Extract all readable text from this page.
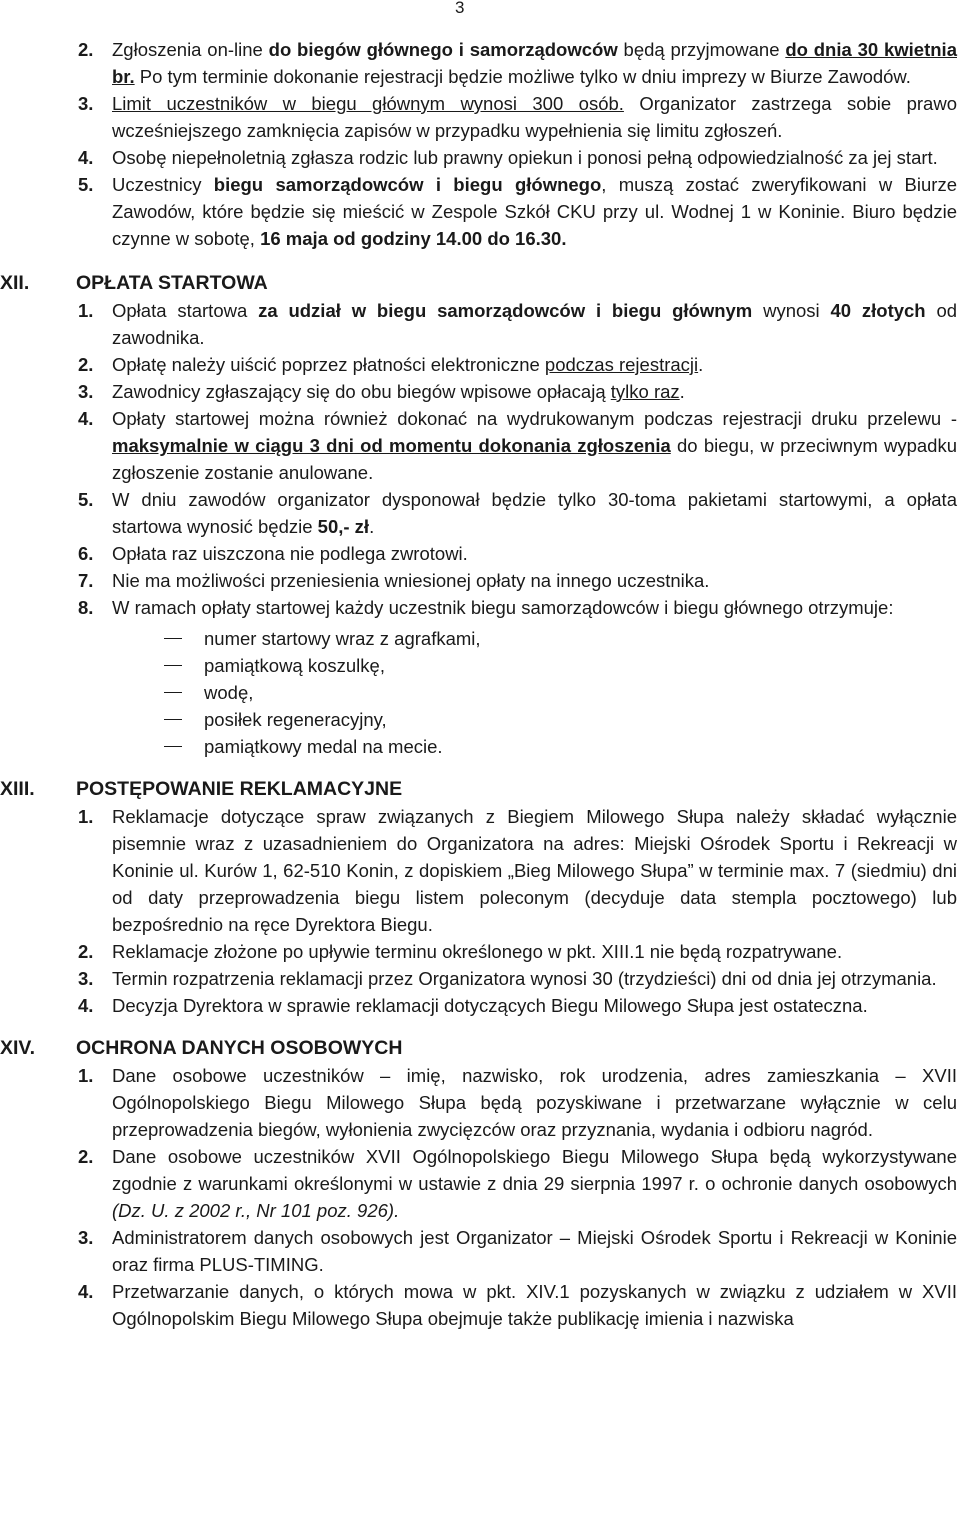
3
2. Zgłoszenia on-line do biegów głównego i samorządowców będą przyjmowane do dnia 30 kwietnia br. Po tym terminie dokonanie rejestracji będzie możliwe tylko w dniu imprezy w Biurze Zawodów.
3. Limit uczestników w biegu głównym wynosi 300 osób. Organizator zastrzega sobie prawo wcześniejszego zamknięcia zapisów w przypadku wypełnienia się limitu zgłoszeń.
4. Osobę niepełnoletnią zgłasza rodzic lub prawny opiekun i ponosi pełną odpowiedzialność za jej start.
5. Uczestnicy biegu samorządowców i biegu głównego, muszą zostać zweryfikowani w Biurze Zawodów, które będzie się mieścić w Zespole Szkół CKU przy ul. Wodnej 1 w Koninie. Biuro będzie czynne w sobotę, 16 maja od godziny 14.00 do 16.30.
XII.	OPŁATA STARTOWA
1. Opłata startowa za udział w biegu samorządowców i biegu głównym wynosi 40 złotych od zawodnika.
2. Opłatę należy uiścić poprzez płatności elektroniczne podczas rejestracji.
3. Zawodnicy zgłaszający się do obu biegów wpisowe opłacają tylko raz.
4. Opłaty startowej można również dokonać na wydrukowanym podczas rejestracji druku przelewu - maksymalnie w ciągu 3 dni od momentu dokonania zgłoszenia do biegu, w przeciwnym wypadku zgłoszenie zostanie anulowane.
5. W dniu zawodów organizator dysponował będzie tylko 30-toma pakietami startowymi, a opłata startowa wynosić będzie 50,- zł.
6. Opłata raz uiszczona nie podlega zwrotowi.
7. Nie ma możliwości przeniesienia wniesionej opłaty na innego uczestnika.
8. W ramach opłaty startowej każdy uczestnik biegu samorządowców i biegu głównego otrzymuje:
numer startowy wraz z agrafkami,
pamiątkową koszulkę,
wodę,
posiłek regeneracyjny,
pamiątkowy medal na mecie.
XIII.	POSTĘPOWANIE REKLAMACYJNE
1. Reklamacje dotyczące spraw związanych z Biegiem Milowego Słupa należy składać wyłącznie pisemnie wraz z uzasadnieniem do Organizatora na adres: Miejski Ośrodek Sportu i Rekreacji w Koninie ul. Kurów 1, 62-510 Konin, z dopiskiem „Bieg Milowego Słupa” w terminie max. 7 (siedmiu) dni od daty przeprowadzenia biegu listem poleconym (decyduje data stempla pocztowego) lub bezpośrednio na ręce Dyrektora Biegu.
2. Reklamacje złożone po upływie terminu określonego w pkt. XIII.1 nie będą rozpatrywane.
3. Termin rozpatrzenia reklamacji przez Organizatora wynosi 30 (trzydzieści) dni od dnia jej otrzymania.
4. Decyzja Dyrektora w sprawie reklamacji dotyczących Biegu Milowego Słupa jest ostateczna.
XIV.	OCHRONA DANYCH OSOBOWYCH
1. Dane osobowe uczestników – imię, nazwisko, rok urodzenia, adres zamieszkania – XVII Ogólnopolskiego Biegu Milowego Słupa będą pozyskiwane i przetwarzane wyłącznie w celu przeprowadzenia biegów, wyłonienia zwycięzców oraz przyznania, wydania i odbioru nagród.
2. Dane osobowe uczestników XVII Ogólnopolskiego Biegu Milowego Słupa będą wykorzystywane zgodnie z warunkami określonymi w ustawie z dnia 29 sierpnia 1997 r. o ochronie danych osobowych (Dz. U. z 2002 r., Nr 101 poz. 926).
3. Administratorem danych osobowych jest Organizator – Miejski Ośrodek Sportu i Rekreacji w Koninie oraz firma PLUS-TIMING.
4. Przetwarzanie danych, o których mowa w pkt. XIV.1 pozyskanych w związku z udziałem w XVII Ogólnopolskim Biegu Milowego Słupa obejmuje także publikację imienia i nazwiska
